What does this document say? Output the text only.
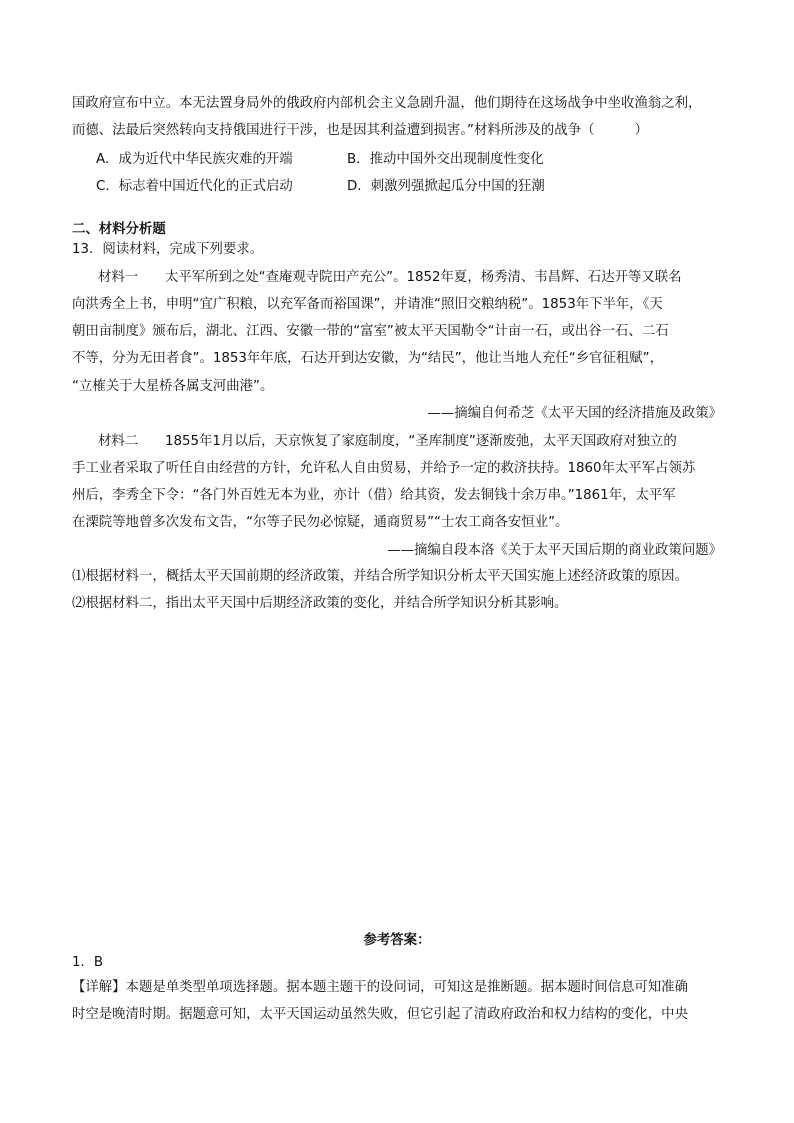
国政府宣布中立。本无法置身局外的俄政府内部机会主义急剧升温，他们期待在这场战争中坐收渔翁之利，
而德、法最后突然转向支持俄国进行干涉，也是因其利益遭到损害。”材料所涉及的战争（　　　）
A．成为近代中华民族灾难的开端	B．推动中国外交出现制度性变化
C．标志着中国近代化的正式启动	D．刺激列强掀起瓜分中国的狂潮
二、材料分析题
13．阅读材料，完成下列要求。
材料一　　太平军所到之处“查庵观寺院田产充公”。1852年夏，杨秀清、韦昌辉、石达开等又联名
向洪秀全上书，申明“宜广积粮，以充军备而裕国课”，并请准“照旧交粮纳税”。1853年下半年，《天
朝田亩制度》颁布后，湖北、江西、安徽一带的“富室”被太平天国勒令“计亩一石，或出谷一石、二石
不等，分为无田者食”。1853年年底，石达开到达安徽，为“结民”，他让当地人充任“乡官征租赋”，
“立榷关于大星桥各属支河曲港”。
——摘编自何希芝《太平天国的经济措施及政策》
材料二　　1855年1月以后，天京恢复了家庭制度，“圣库制度”逐渐废弛，太平天国政府对独立的
手工业者采取了听任自由经营的方针，允许私人自由贸易，并给予一定的救济扶持。1860年太平军占领苏
州后，李秀全下令：“各门外百姓无本为业，亦计（借）给其资，发去铜钱十余万串。”1861年，太平军
在溧院等地曾多次发布文告，“尔等子民勿必惊疑，通商贸易”“士农工商各安恒业”。
——摘编自段本洛《关于太平天国后期的商业政策问题》
⑴根据材料一，概括太平天国前期的经济政策，并结合所学知识分析太平天国实施上述经济政策的原因。
⑵根据材料二，指出太平天国中后期经济政策的变化，并结合所学知识分析其影响。
参考答案：
1．B
【详解】本题是单类型单项选择题。据本题主题干的设问词，可知这是推断题。据本题时间信息可知准确
时空是晚清时期。据题意可知，太平天国运动虽然失败，但它引起了清政府政治和权力结构的变化，中央
